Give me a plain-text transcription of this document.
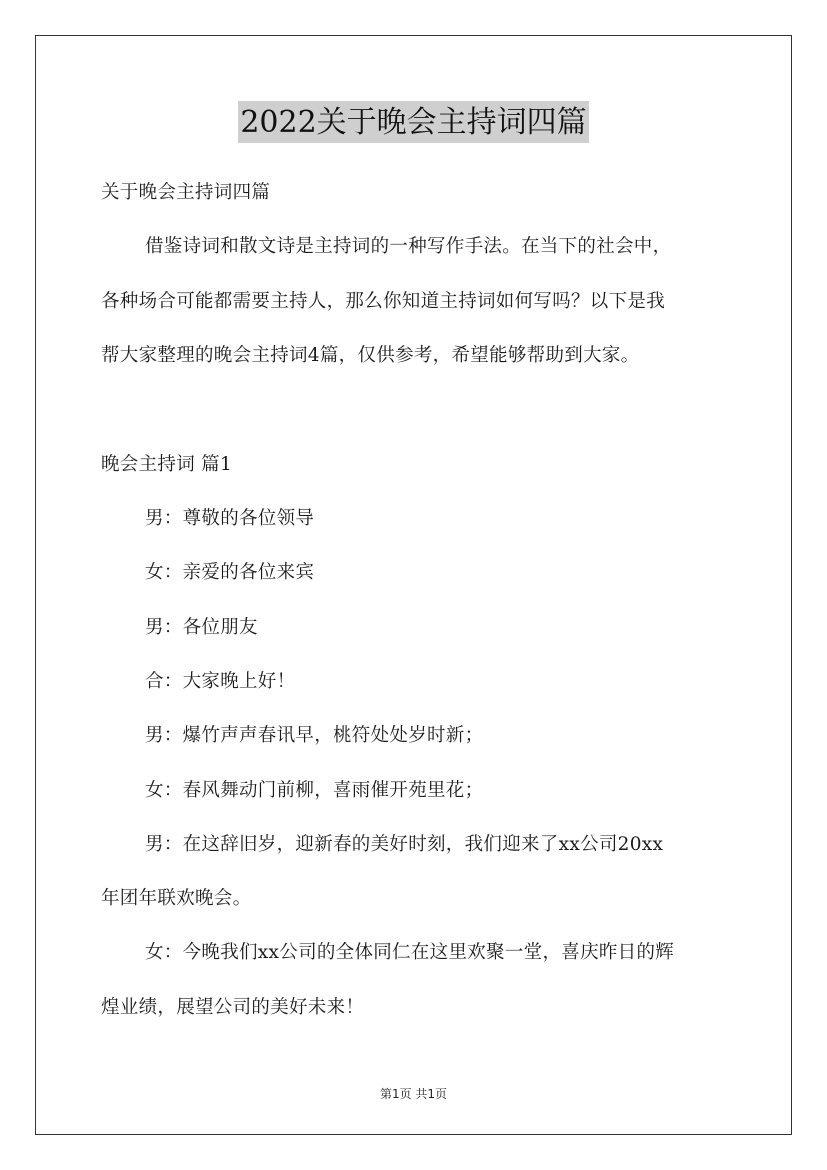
2022关于晚会主持词四篇
关于晚会主持词四篇
借鉴诗词和散文诗是主持词的一种写作手法。在当下的社会中，
各种场合可能都需要主持人，那么你知道主持词如何写吗？以下是我
帮大家整理的晚会主持词4篇，仅供参考，希望能够帮助到大家。
晚会主持词 篇1
男：尊敬的各位领导
女：亲爱的各位来宾
男：各位朋友
合：大家晚上好！
男：爆竹声声春讯早，桃符处处岁时新；
女：春风舞动门前柳，喜雨催开苑里花；
男：在这辞旧岁，迎新春的美好时刻，我们迎来了xx公司20xx
年团年联欢晚会。
女：今晚我们xx公司的全体同仁在这里欢聚一堂，喜庆昨日的辉
煌业绩，展望公司的美好未来！
第1页 共1页
